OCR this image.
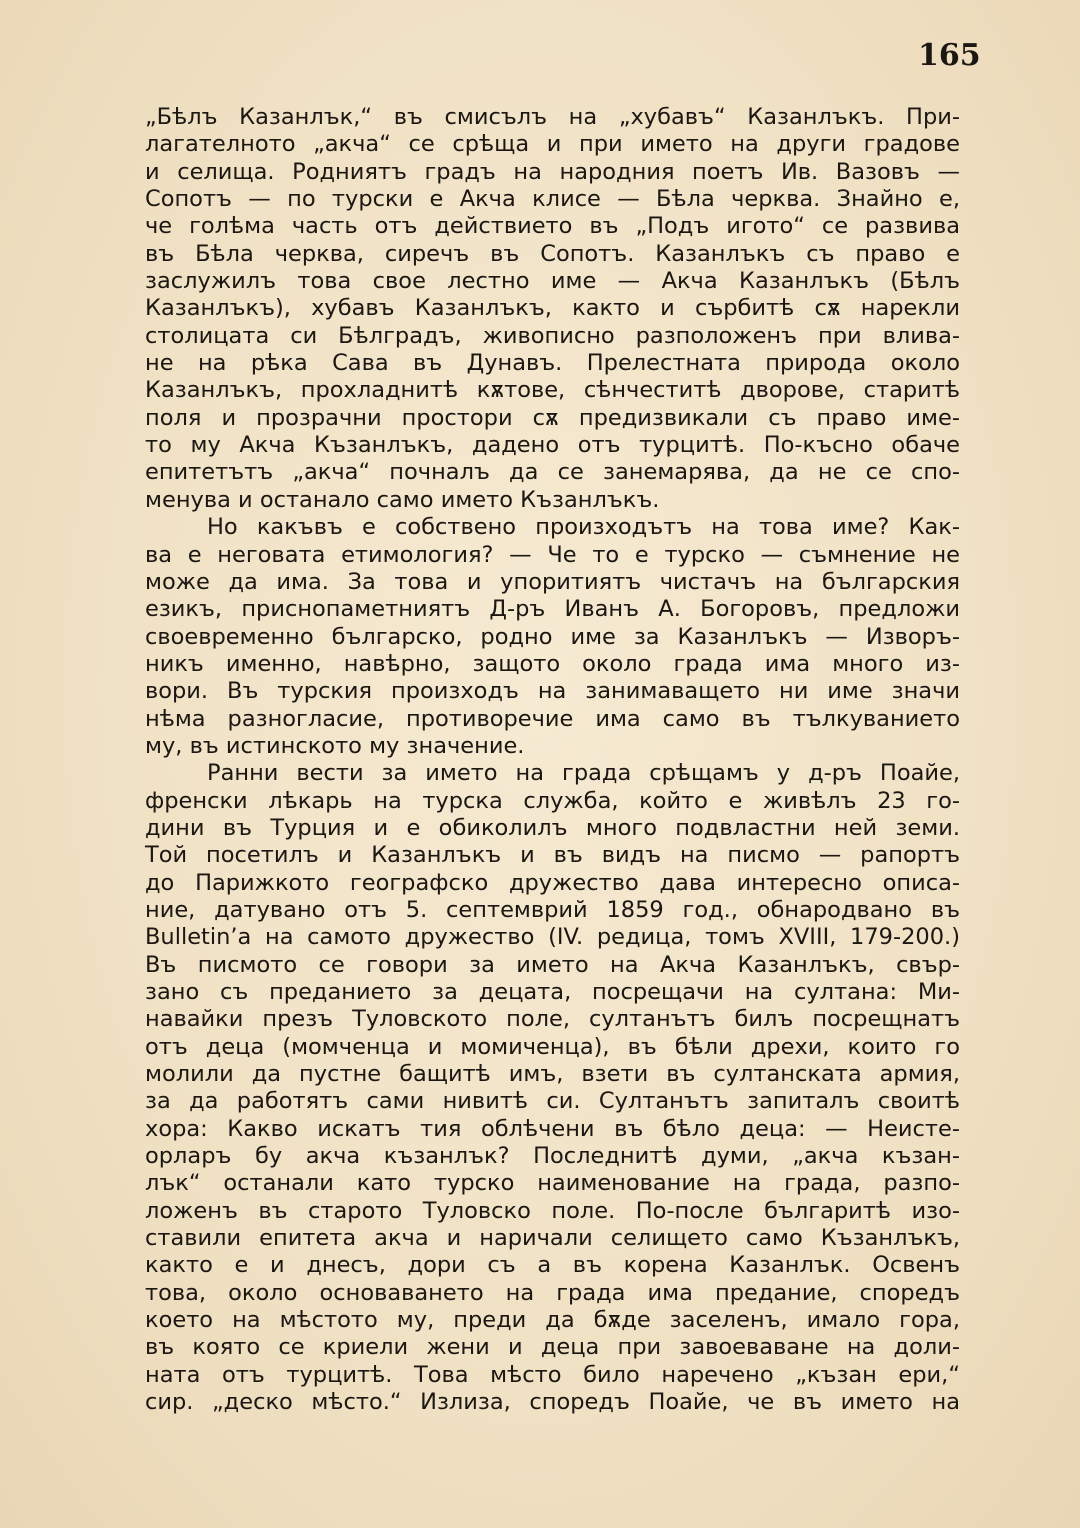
165
„Бѣлъ Казанлък,“ въ смисълъ на „хубавъ“ Казанлъкъ. При-
лагателното „акча“ се срѣща и при името на други градове
и селища. Родниятъ градъ на народния поетъ Ив. Вазовъ —
Сопотъ — по турски е Акча клисе — Бѣла черква. Знайно е,
че голѣма часть отъ действието въ „Подъ игото“ се развива
въ Бѣла черква, сиречъ въ Сопотъ. Казанлъкъ съ право е
заслужилъ това свое лестно име — Акча Казанлъкъ (Бѣлъ
Казанлъкъ), хубавъ Казанлъкъ, както и сърбитѣ сѫ нарекли
столицата си Бѣлградъ, живописно разположенъ при влива-
не на рѣка Сава въ Дунавъ. Прелестната природа около
Казанлъкъ, прохладнитѣ кѫтове, сѣнчеститѣ дворове, старитѣ
поля и прозрачни простори сѫ предизвикали съ право име-
то му Акча Къзанлъкъ, дадено отъ турцитѣ. По-късно обаче
епитетътъ „акча“ почналъ да се занемарява, да не се спо-
менува и останало само името Къзанлъкъ.
Но какъвъ е собствено произходътъ на това име? Как-
ва е неговата етимология? — Че то е турско — съмнение не
може да има. За това и упоритиятъ чистачъ на българския
езикъ, приснопаметниятъ Д-ръ Иванъ А. Богоровъ, предложи
своевременно българско, родно име за Казанлъкъ — Изворъ-
никъ именно, навѣрно, защото около града има много из-
вори. Въ турския произходъ на занимаващето ни име значи
нѣма разногласие, противоречие има само въ тълкуванието
му, въ истинското му значение.
Ранни вести за името на града срѣщамъ у д-ръ Поайе,
френски лѣкарь на турска служба, който е живѣлъ 23 го-
дини въ Турция и е обиколилъ много подвластни ней земи.
Той посетилъ и Казанлъкъ и въ видъ на писмо — рапортъ
до Парижкото географско дружество дава интересно описа-
ние, датувано отъ 5. септемврий 1859 год., обнародвано въ
Bulletin’а на самото дружество (IV. редица, томъ XVIII, 179-200.)
Въ писмото се говори за името на Акча Казанлъкъ, свър-
зано съ преданието за децата, посрещачи на султана: Ми-
навайки презъ Туловското поле, султанътъ билъ посрещнатъ
отъ деца (момченца и момиченца), въ бѣли дрехи, които го
молили да пустне бащитѣ имъ, взети въ султанската армия,
за да работятъ сами нивитѣ си. Султанътъ запиталъ своитѣ
хора: Какво искатъ тия облѣчени въ бѣло деца: — Неисте-
орларъ бу акча къзанлък? Последнитѣ думи, „акча къзан-
лък“ останали като турско наименование на града, разпо-
ложенъ въ старото Туловско поле. По-после българитѣ изо-
ставили епитета акча и наричали селището само Къзанлъкъ,
както е и днесъ, дори съ а въ корена Казанлък. Освенъ
това, около основаването на града има предание, споредъ
което на мѣстото му, преди да бѫде заселенъ, имало гора,
въ която се криели жени и деца при завоеваване на доли-
ната отъ турцитѣ. Това мѣсто било наречено „къзан ери,“
сир. „деско мѣсто.“ Излиза, споредъ Поайе, че въ името на
